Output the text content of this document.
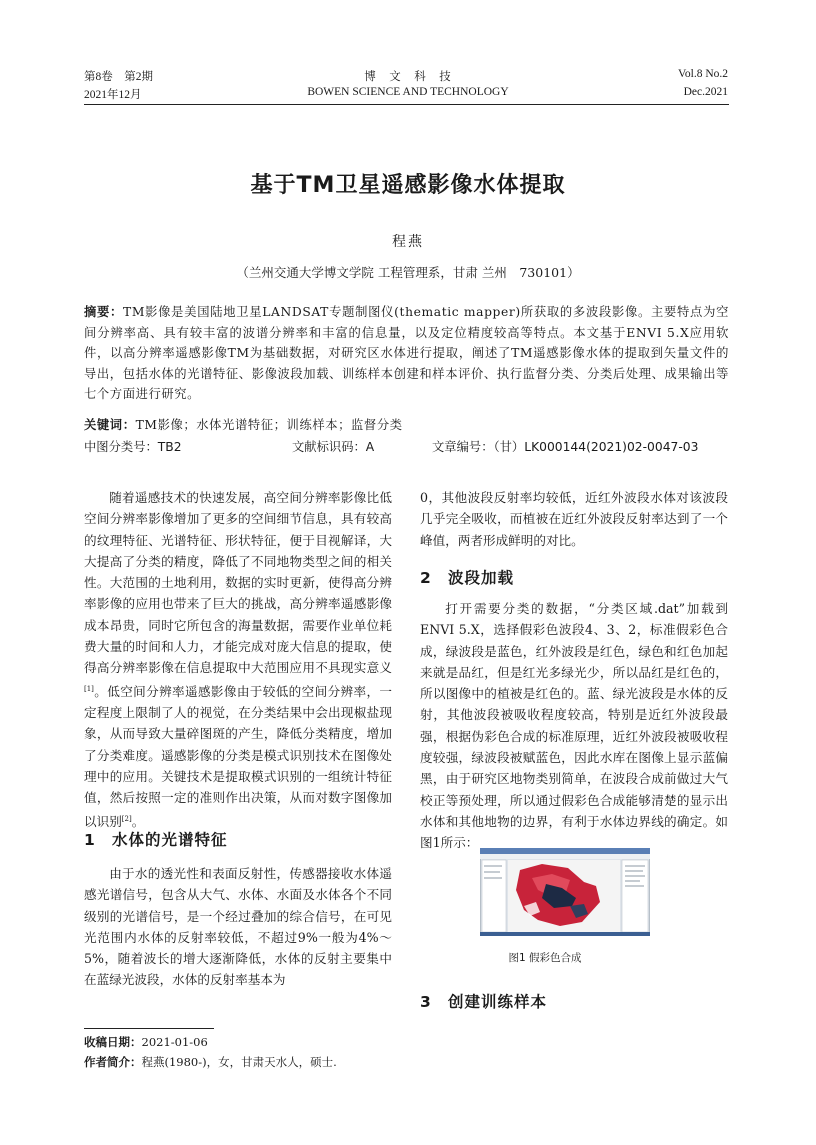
第8卷　第2期
2021年12月
博　文　科　技
BOWEN SCIENCE AND TECHNOLOGY
Vol.8 No.2
Dec.2021
基于TM卫星遥感影像水体提取
程燕
（兰州交通大学博文学院 工程管理系，甘肃 兰州　730101）
摘要：TM影像是美国陆地卫星LANDSAT专题制图仪(thematic mapper)所获取的多波段影像。主要特点为空间分辨率高、具有较丰富的波谱分辨率和丰富的信息量，以及定位精度较高等特点。本文基于ENVI 5.X应用软件，以高分辨率遥感影像TM为基础数据，对研究区水体进行提取，阐述了TM遥感影像水体的提取到矢量文件的导出，包括水体的光谱特征、影像波段加载、训练样本创建和样本评价、执行监督分类、分类后处理、成果输出等七个方面进行研究。
关键词：TM影像；水体光谱特征；训练样本；监督分类
中图分类号：TB2	文献标识码：A	文章编号：（甘）LK000144(2021)02-0047-03

随着遥感技术的快速发展，高空间分辨率影像比低空间分辨率影像增加了更多的空间细节信息，具有较高的纹理特征、光谱特征、形状特征，便于目视解译，大大提高了分类的精度，降低了不同地物类型之间的相关性。大范围的土地利用，数据的实时更新，使得高分辨率影像的应用也带来了巨大的挑战，高分辨率遥感影像成本昂贵，同时它所包含的海量数据，需要作业单位耗费大量的时间和人力，才能完成对庞大信息的提取，使得高分辨率影像在信息提取中大范围应用不具现实意义[1]。低空间分辨率遥感影像由于较低的空间分辨率，一定程度上限制了人的视觉，在分类结果中会出现椒盐现象，从而导致大量碎图斑的产生，降低分类精度，增加了分类难度。遥感影像的分类是模式识别技术在图像处理中的应用。关键技术是提取模式识别的一组统计特征值，然后按照一定的准则作出决策，从而对数字图像加以识别[2]。

1 水体的光谱特征

由于水的透光性和表面反射性，传感器接收水体遥感光谱信号，包含从大气、水体、水面及水体各个不同级别的光谱信号，是一个经过叠加的综合信号，在可见光范围内水体的反射率较低，不超过9%一般为4%～5%，随着波长的增大逐渐降低，水体的反射主要集中在蓝绿光波段，水体的反射率基本为

收稿日期：2021-01-06
作者简介：程燕(1980-)，女，甘肃天水人，硕士.

0，其他波段反射率均较低，近红外波段水体对该波段几乎完全吸收，而植被在近红外波段反射率达到了一个峰值，两者形成鲜明的对比。

2 波段加载

打开需要分类的数据，“分类区域.dat”加载到ENVI 5.X，选择假彩色波段4、3、2，标准假彩色合成，绿波段是蓝色，红外波段是红色，绿色和红色加起来就是品红，但是红光多绿光少，所以品红是红色的，所以图像中的植被是红色的。蓝、绿光波段是水体的反射，其他波段被吸收程度较高，特别是近红外波段最强，根据伪彩色合成的标准原理，近红外波段被吸收程度较强，绿波段被赋蓝色，因此水库在图像上显示蓝偏黑，由于研究区地物类别简单，在波段合成前做过大气校正等预处理，所以通过假彩色合成能够清楚的显示出水体和其他地物的边界，有利于水体边界线的确定。如图1所示：

图1 假彩色合成
3 创建训练样本
